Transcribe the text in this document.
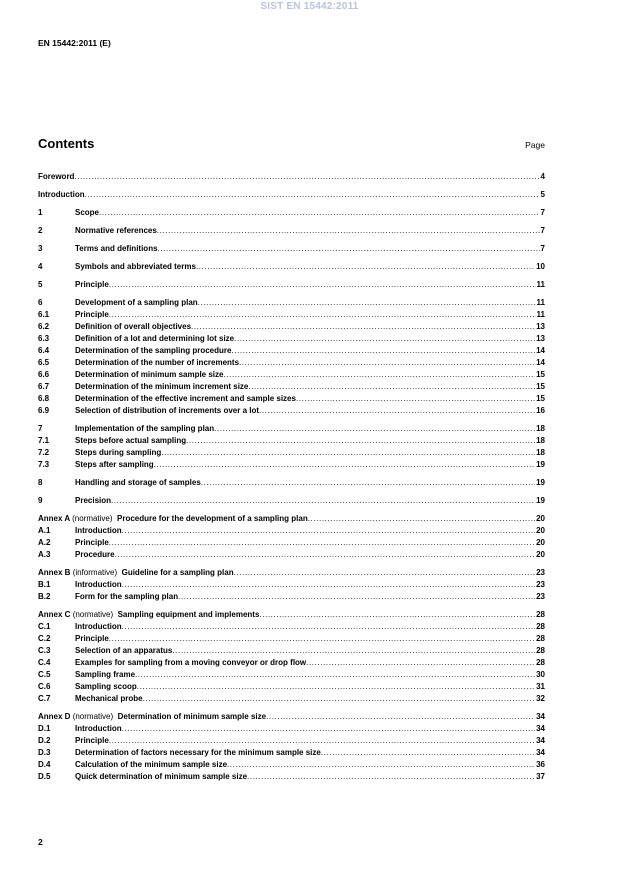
SIST EN 15442:2011
EN 15442:2011 (E)
Contents	Page
Foreword .....	4
Introduction .....	5
1	Scope .....	7
2	Normative references .....	7
3	Terms and definitions .....	7
4	Symbols and abbreviated terms .....	10
5	Principle .....	11
6	Development of a sampling plan .....	11
6.1	Principle .....	11
6.2	Definition of overall objectives .....	13
6.3	Definition of a lot and determining lot size .....	13
6.4	Determination of the sampling procedure .....	14
6.5	Determination of the number of increments .....	14
6.6	Determination of minimum sample size .....	15
6.7	Determination of the minimum increment size .....	15
6.8	Determination of the effective increment and sample sizes .....	15
6.9	Selection of distribution of increments over a lot .....	16
7	Implementation of the sampling plan .....	18
7.1	Steps before actual sampling .....	18
7.2	Steps during sampling .....	18
7.3	Steps after sampling .....	19
8	Handling and storage of samples .....	19
9	Precision .....	19
Annex A (normative) Procedure for the development of a sampling plan .....	20
A.1	Introduction .....	20
A.2	Principle .....	20
A.3	Procedure .....	20
Annex B (informative) Guideline for a sampling plan .....	23
B.1	Introduction .....	23
B.2	Form for the sampling plan .....	23
Annex C (normative) Sampling equipment and implements .....	28
C.1	Introduction .....	28
C.2	Principle .....	28
C.3	Selection of an apparatus .....	28
C.4	Examples for sampling from a moving conveyor or drop flow .....	28
C.5	Sampling frame .....	30
C.6	Sampling scoop .....	31
C.7	Mechanical probe .....	32
Annex D (normative) Determination of minimum sample size .....	34
D.1	Introduction .....	34
D.2	Principle .....	34
D.3	Determination of factors necessary for the minimum sample size .....	34
D.4	Calculation of the minimum sample size .....	36
D.5	Quick determination of minimum sample size .....	37
2
